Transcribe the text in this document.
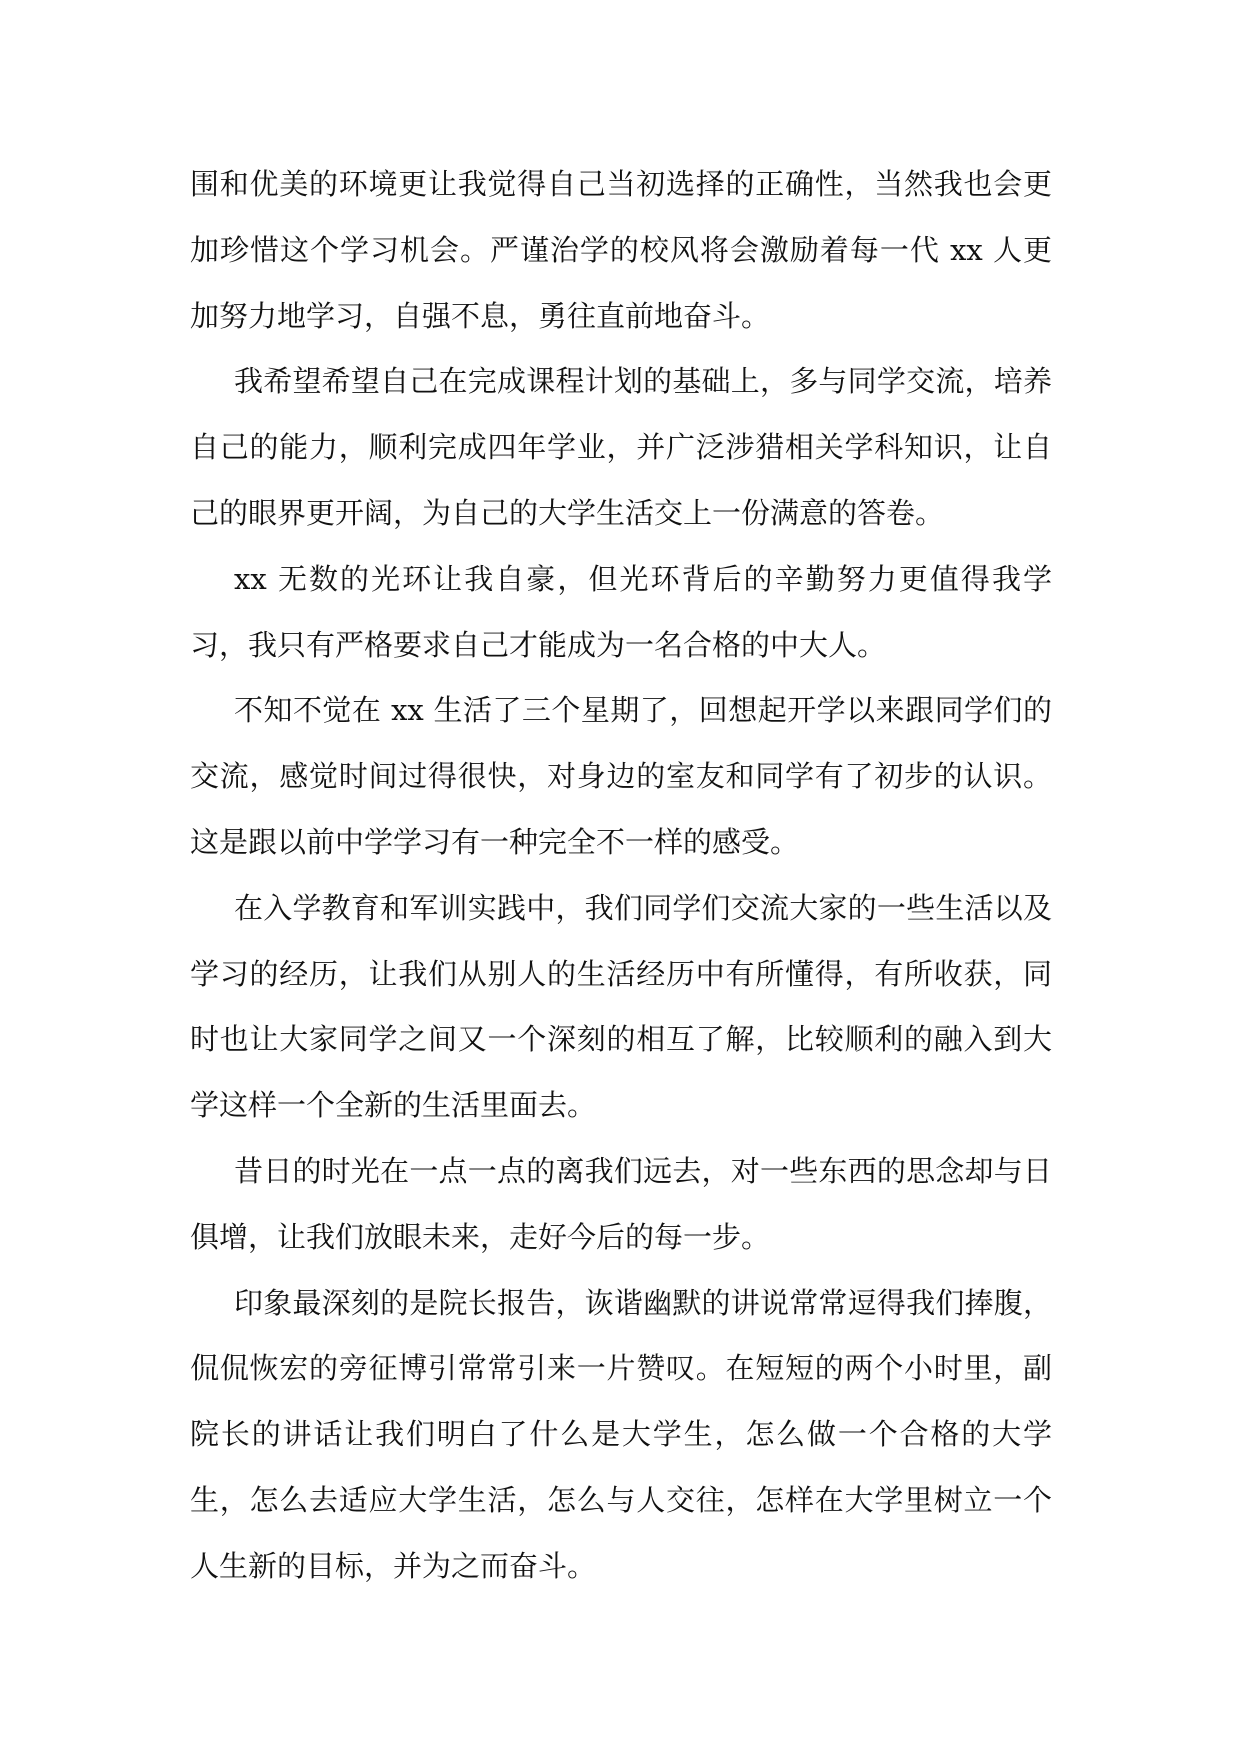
围和优美的环境更让我觉得自己当初选择的正确性，当然我也会更加珍惜这个学习机会。严谨治学的校风将会激励着每一代 xx 人更加努力地学习，自强不息，勇往直前地奋斗。

我希望希望自己在完成课程计划的基础上，多与同学交流，培养自己的能力，顺利完成四年学业，并广泛涉猎相关学科知识，让自己的眼界更开阔，为自己的大学生活交上一份满意的答卷。

xx 无数的光环让我自豪，但光环背后的辛勤努力更值得我学习，我只有严格要求自己才能成为一名合格的中大人。

不知不觉在 xx 生活了三个星期了，回想起开学以来跟同学们的交流，感觉时间过得很快，对身边的室友和同学有了初步的认识。这是跟以前中学学习有一种完全不一样的感受。

在入学教育和军训实践中，我们同学们交流大家的一些生活以及学习的经历，让我们从别人的生活经历中有所懂得，有所收获，同时也让大家同学之间又一个深刻的相互了解，比较顺利的融入到大学这样一个全新的生活里面去。

昔日的时光在一点一点的离我们远去，对一些东西的思念却与日俱增，让我们放眼未来，走好今后的每一步。

印象最深刻的是院长报告，诙谐幽默的讲说常常逗得我们捧腹，侃侃恢宏的旁征博引常常引来一片赞叹。在短短的两个小时里，副院长的讲话让我们明白了什么是大学生，怎么做一个合格的大学生，怎么去适应大学生活，怎么与人交往，怎样在大学里树立一个人生新的目标，并为之而奋斗。
